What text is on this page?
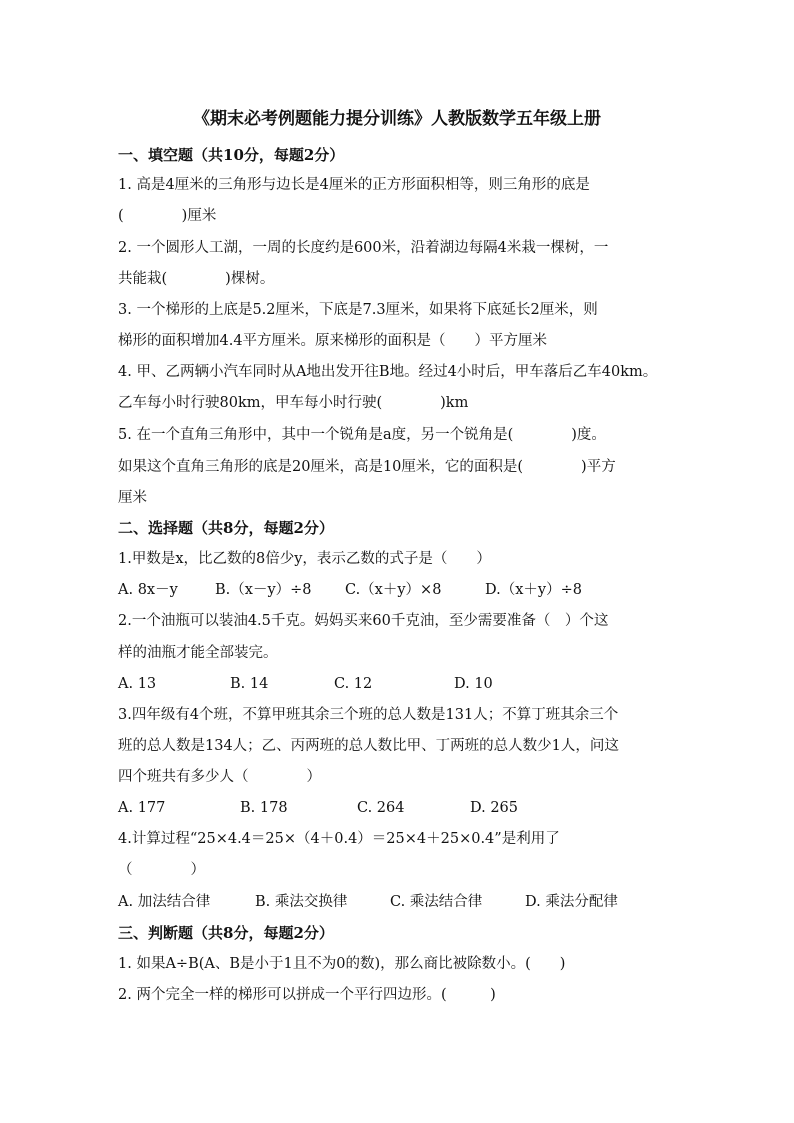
《期末必考例题能力提分训练》人教版数学五年级上册
一、填空题（共10分，每题2分）
1. 高是4厘米的三角形与边长是4厘米的正方形面积相等，则三角形的底是
(　　　　)厘米
2. 一个圆形人工湖，一周的长度约是600米，沿着湖边每隔4米栽一棵树，一
共能栽(　　　　)棵树。
3. 一个梯形的上底是5.2厘米，下底是7.3厘米，如果将下底延长2厘米，则
梯形的面积增加4.4平方厘米。原来梯形的面积是（　　）平方厘米
4. 甲、乙两辆小汽车同时从A地出发开往B地。经过4小时后，甲车落后乙车40km。
乙车每小时行驶80km，甲车每小时行驶(　　　　)km
5. 在一个直角三角形中，其中一个锐角是a度，另一个锐角是(　　　　)度。
如果这个直角三角形的底是20厘米，高是10厘米，它的面积是(　　　　)平方
厘米
二、选择题（共8分，每题2分）
1.甲数是x，比乙数的8倍少y，表示乙数的式子是（　　）
A. 8x－y	B.（x－y）÷8 C.（x＋y）×8	D.（x＋y）÷8
2.一个油瓶可以装油4.5千克。妈妈买来60千克油，至少需要准备（　）个这
样的油瓶才能全部装完。
A. 13	B. 14	C. 12	D. 10
3.四年级有4个班，不算甲班其余三个班的总人数是131人；不算丁班其余三个
班的总人数是134人；乙、丙两班的总人数比甲、丁两班的总人数少1人，问这
四个班共有多少人（　　　　）
A. 177	B. 178	C. 264	D. 265
4.计算过程“25×4.4＝25×（4＋0.4）＝25×4＋25×0.4”是利用了
（　　　　）
A. 加法结合律	B. 乘法交换律	C. 乘法结合律	D. 乘法分配律
三、判断题（共8分，每题2分）
1. 如果A÷B(A、B是小于1且不为0的数)，那么商比被除数小。(　　)
2. 两个完全一样的梯形可以拼成一个平行四边形。(　　　)
